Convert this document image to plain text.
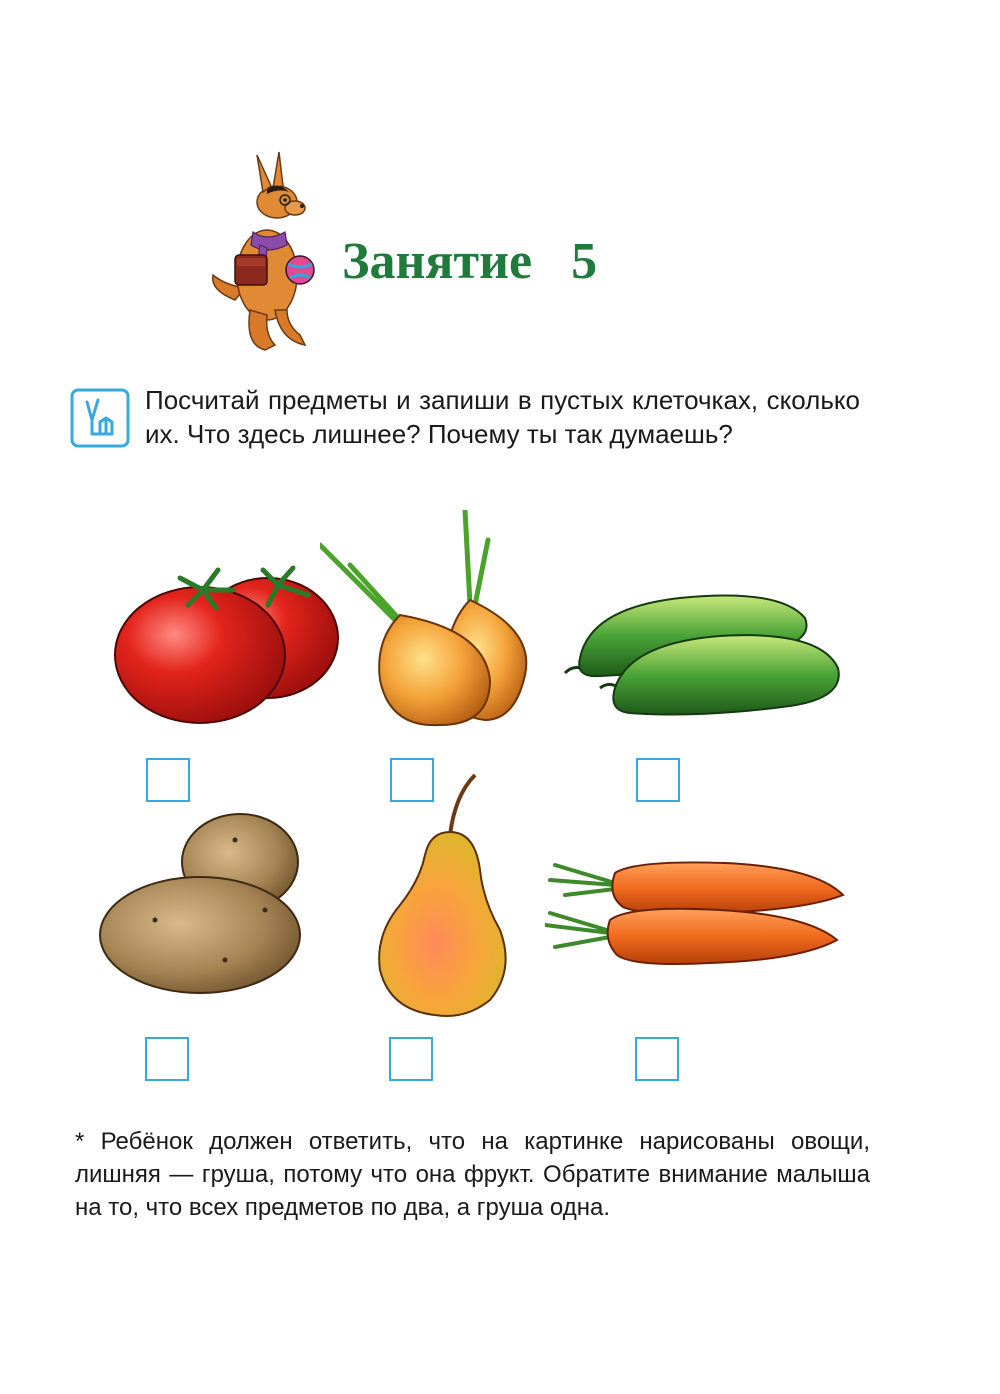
Занятие   5

Посчитай предметы и запиши в пустых клеточках, сколько их. Что здесь лишнее? Почему ты так думаешь?

* Ребёнок должен ответить, что на картинке нарисованы овощи, лишняя — груша, потому что она фрукт. Обратите внимание малыша на то, что всех предметов по два, а груша одна.
